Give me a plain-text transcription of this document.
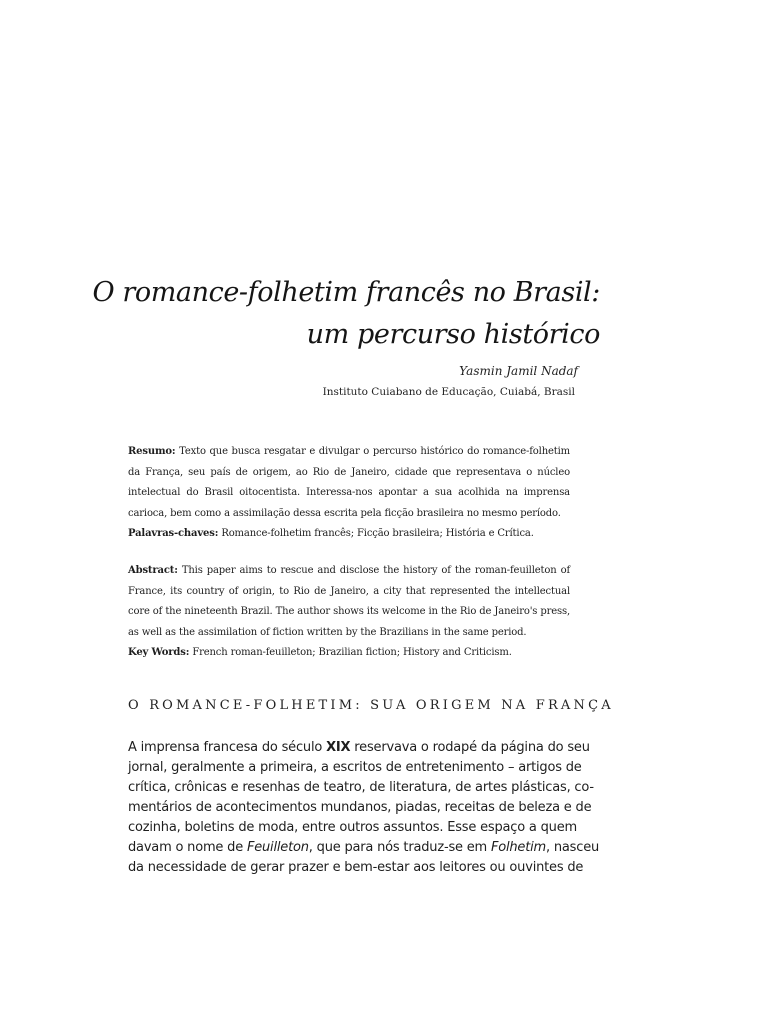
O romance-folhetim francês no Brasil:
um percurso histórico
Yasmin Jamil Nadaf
Instituto Cuiabano de Educação, Cuiabá, Brasil

Resumo: Texto que busca resgatar e divulgar o percurso histórico do romance-folhetim da França, seu país de origem, ao Rio de Janeiro, cidade que representava o núcleo intelectual do Brasil oitocentista. Interessa-nos apontar a sua acolhida na imprensa carioca, bem como a assimilação dessa escrita pela ficção brasileira no mesmo período.

Palavras-chaves: Romance-folhetim francês; Ficção brasileira; História e Crítica.

Abstract: This paper aims to rescue and disclose the history of the roman-feuilleton of France, its country of origin, to Rio de Janeiro, a city that represented the intellectual core of the nineteenth Brazil. The author shows its welcome in the Rio de Janeiro's press, as well as the assimilation of fiction written by the Brazilians in the same period.

Key Words: French roman-feuilleton; Brazilian fiction; History and Criticism.

O ROMANCE-FOLHETIM: SUA ORIGEM NA FRANÇA
A imprensa francesa do século XIX reservava o rodapé da página do seu
jornal, geralmente a primeira, a escritos de entretenimento – artigos de
crítica, crônicas e resenhas de teatro, de literatura, de artes plásticas, co-
mentários de acontecimentos mundanos, piadas, receitas de beleza e de
cozinha, boletins de moda, entre outros assuntos. Esse espaço a quem
davam o nome de Feuilleton, que para nós traduz-se em Folhetim, nasceu
da necessidade de gerar prazer e bem-estar aos leitores ou ouvintes de
